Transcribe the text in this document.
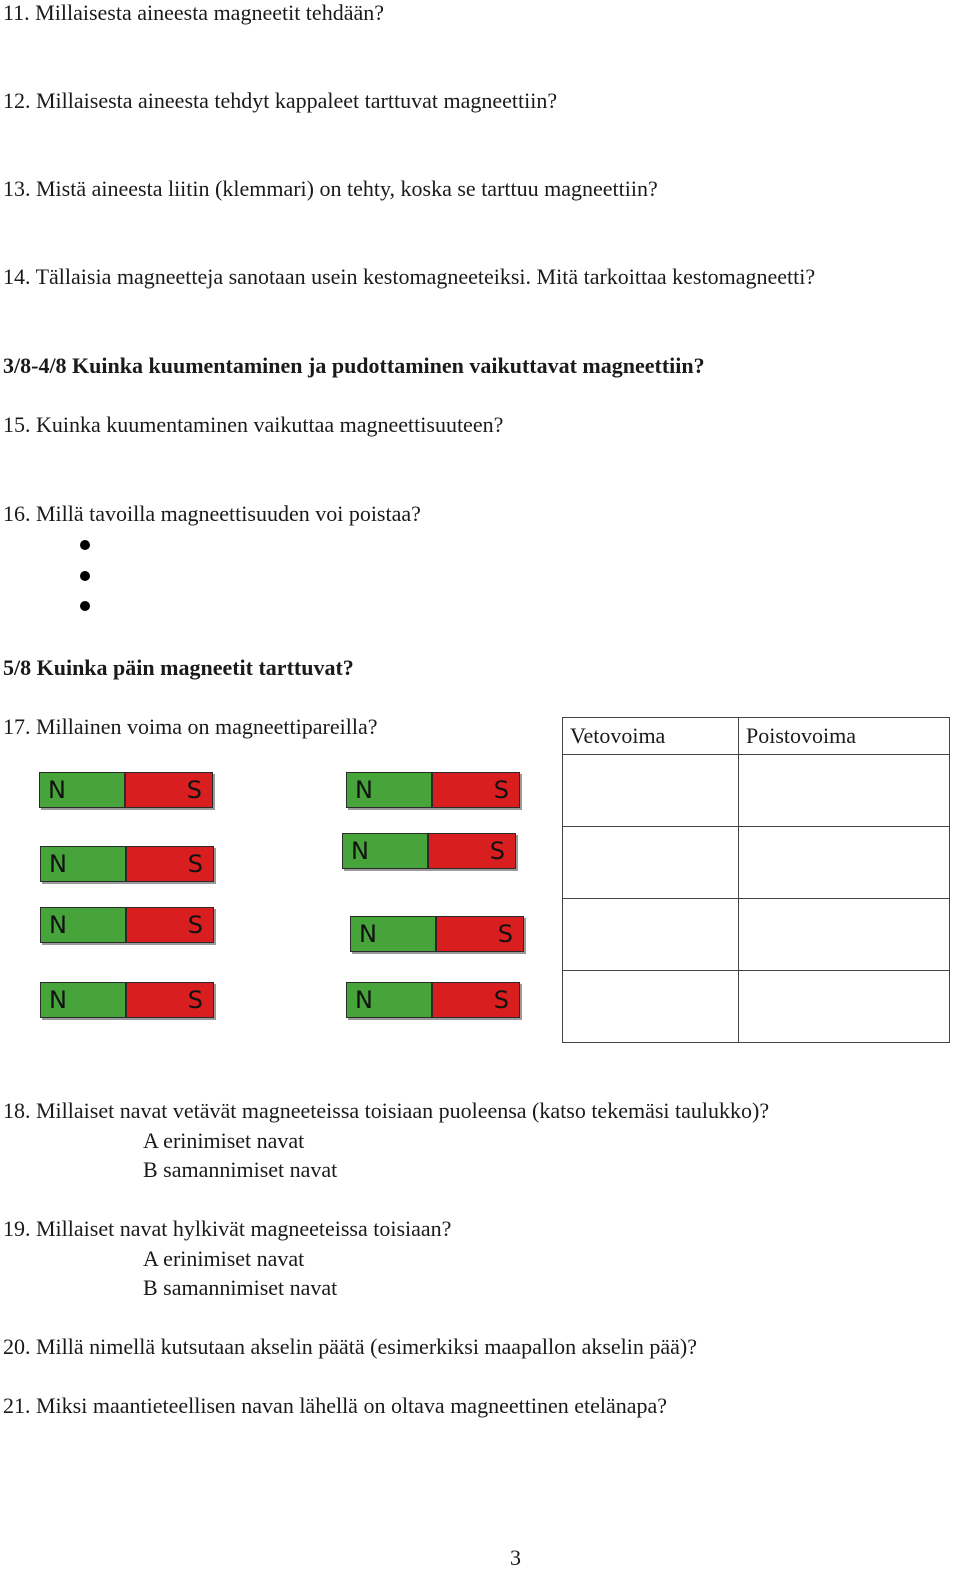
11. Millaisesta aineesta magneetit tehdään?
12. Millaisesta aineesta tehdyt kappaleet tarttuvat magneettiin?
13. Mistä aineesta liitin (klemmari) on tehty, koska se tarttuu magneettiin?
14. Tällaisia magneetteja sanotaan usein kestomagneeteiksi. Mitä tarkoittaa kestomagneetti?
3/8-4/8 Kuinka kuumentaminen ja pudottaminen vaikuttavat magneettiin?
15. Kuinka kuumentaminen vaikuttaa magneettisuuteen?
16. Millä tavoilla magneettisuuden voi poistaa?
5/8 Kuinka päin magneetit tarttuvat?
17. Millainen voima on magneettipareilla?
N	S
N	S
N	S
N	S
N	S
N	S
N	S
N	S
Vetovoima	Poistovoima

18. Millaiset navat vetävät magneeteissa toisiaan puoleensa (katso tekemäsi taulukko)?
A erinimiset navat
B samannimiset navat
19. Millaiset navat hylkivät magneeteissa toisiaan?
A erinimiset navat
B samannimiset navat
20. Millä nimellä kutsutaan akselin päätä (esimerkiksi maapallon akselin pää)?
21. Miksi maantieteellisen navan lähellä on oltava magneettinen etelänapa?
3
